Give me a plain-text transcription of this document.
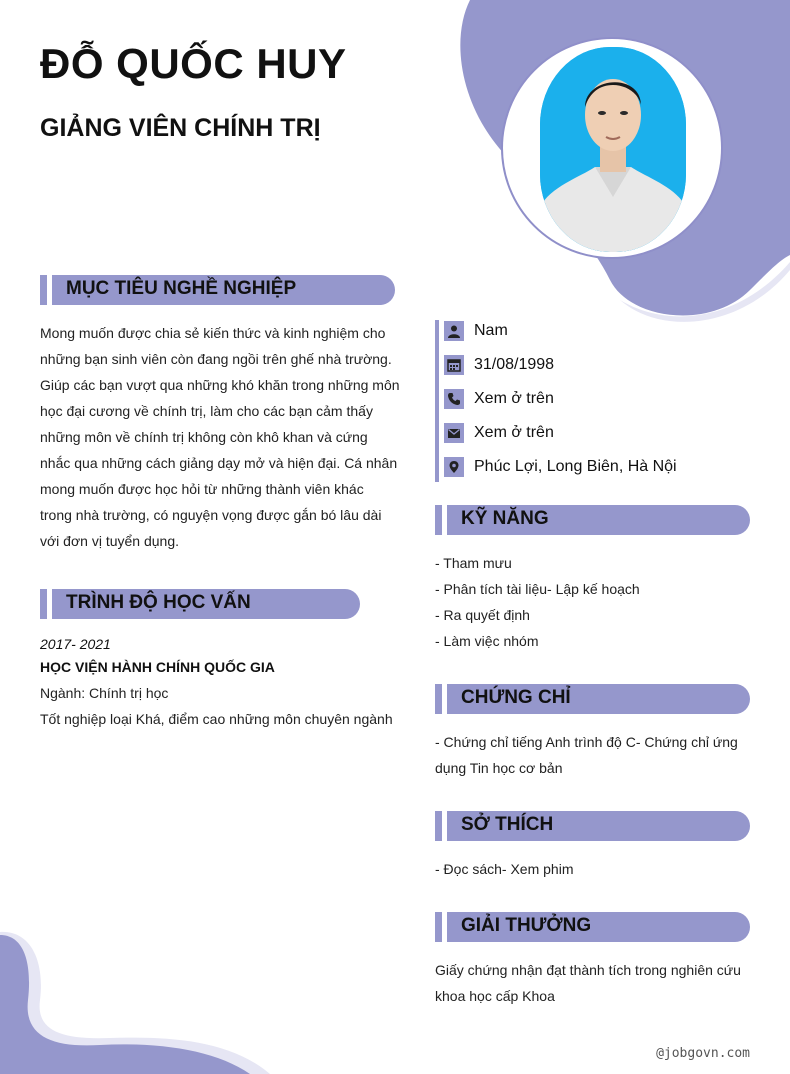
ĐỖ QUỐC HUY
GIẢNG VIÊN CHÍNH TRỊ
MỤC TIÊU NGHỀ NGHIỆP

Mong muốn được chia sẻ kiến thức và kinh nghiệm cho

những bạn sinh viên còn đang ngồi trên ghế nhà trường.

Giúp các bạn vượt qua những khó khăn trong những môn

học đại cương về chính trị, làm cho các bạn cảm thấy

những môn về chính trị không còn khô khan và cứng

nhắc qua những cách giảng dạy mở và hiện đại. Cá nhân

mong muốn được học hỏi từ những thành viên khác

trong nhà trường, có nguyện vọng được gắn bó lâu dài

với đơn vị tuyển dụng.

TRÌNH ĐỘ HỌC VẤN
2017- 2021
HỌC VIỆN HÀNH CHÍNH QUỐC GIA
Ngành: Chính trị học
Tốt nghiệp loại Khá, điểm cao những môn chuyên ngành
Nam
31/08/1998
Xem ở trên
Xem ở trên
Phúc Lợi, Long Biên, Hà Nội
KỸ NĂNG
- Tham mưu
- Phân tích tài liệu- Lập kế hoạch
- Ra quyết định
- Làm việc nhóm
CHỨNG CHỈ
- Chứng chỉ tiếng Anh trình độ C- Chứng chỉ ứng
dụng Tin học cơ bản
SỞ THÍCH
- Đọc sách- Xem phim
GIẢI THƯỞNG
Giấy chứng nhận đạt thành tích trong nghiên cứu
khoa học cấp Khoa
@jobgovn.com
